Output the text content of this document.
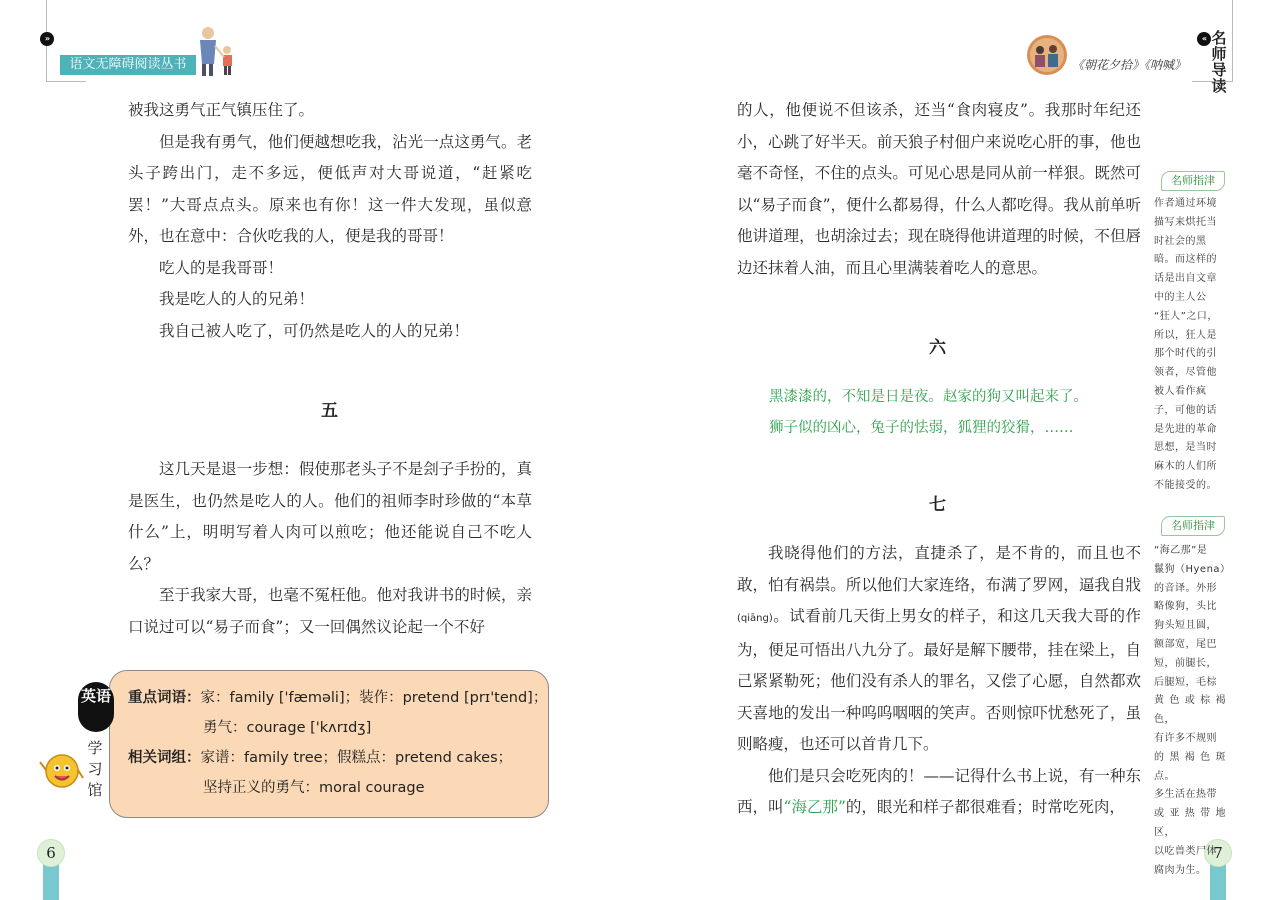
»
语文无障碍阅读丛书	《朝花夕拾》《呐喊》
« 名
师
导
读

被我这勇气正气镇压住了。

但是我有勇气，他们便越想吃我，沾光一点这勇气。老头子跨出门，走不多远，便低声对大哥说道，“赶紧吃罢！”大哥点点头。原来也有你！这一件大发现，虽似意外，也在意中：合伙吃我的人，便是我的哥哥！

吃人的是我哥哥！

我是吃人的人的兄弟！

我自己被人吃了，可仍然是吃人的人的兄弟！

五

这几天是退一步想：假使那老头子不是刽子手扮的，真是医生，也仍然是吃人的人。他们的祖师李时珍做的“本草什么”上，明明写着人肉可以煎吃；他还能说自己不吃人么？

至于我家大哥，也毫不冤枉他。他对我讲书的时候，亲口说过可以“易子而食”；又一回偶然议论起一个不好

英语
学习馆
重点词语：家：family ['fæməli]；装作：pretend [prɪ'tend]；
勇气：courage ['kʌrɪdʒ]
相关词组：家谱：family tree；假糕点：pretend cakes；
坚持正义的勇气：moral courage
6	7

的人，他便说不但该杀，还当“食肉寝皮”。我那时年纪还小，心跳了好半天。前天狼子村佃户来说吃心肝的事，他也毫不奇怪，不住的点头。可见心思是同从前一样狠。既然可以“易子而食”，便什么都易得，什么人都吃得。我从前单听他讲道理，也胡涂过去；现在晓得他讲道理的时候，不但唇边还抹着人油，而且心里满装着吃人的意思。

六

黑漆漆的，不知是日是夜。赵家的狗又叫起来了。

狮子似的凶心，兔子的怯弱，狐狸的狡猾，……

七

我晓得他们的方法，直捷杀了，是不肯的，而且也不敢，怕有祸祟。所以他们大家连络，布满了罗网，逼我自戕(qiāng)。试看前几天街上男女的样子，和这几天我大哥的作为，便足可悟出八九分了。最好是解下腰带，挂在梁上，自己紧紧勒死；他们没有杀人的罪名，又偿了心愿，自然都欢天喜地的发出一种呜呜咽咽的笑声。否则惊吓忧愁死了，虽则略瘦，也还可以首肯几下。

他们是只会吃死肉的！——记得什么书上说，有一种东西，叫“海乙那”的，眼光和样子都很难看；时常吃死肉，

名师指津
作者通过环境
描写来烘托当
时社会的黑
暗。而这样的
话是出自文章
中的主人公
“狂人”之口，
所以，狂人是
那个时代的引
领者，尽管他
被人看作疯
子，可他的话
是先进的革命
思想，是当时
麻木的人们所
不能接受的。
名师指津
“海乙那”是
鬣狗（Hyena）
的音译。外形
略像狗，头比
狗头短且圆，
额部宽，尾巴
短，前腿长，
后腿短，毛棕
黄色或棕褐色，
有许多不规则
的黑褐色斑点。
多生活在热带
或亚热带地区，
以吃兽类尸体
腐肉为生。
